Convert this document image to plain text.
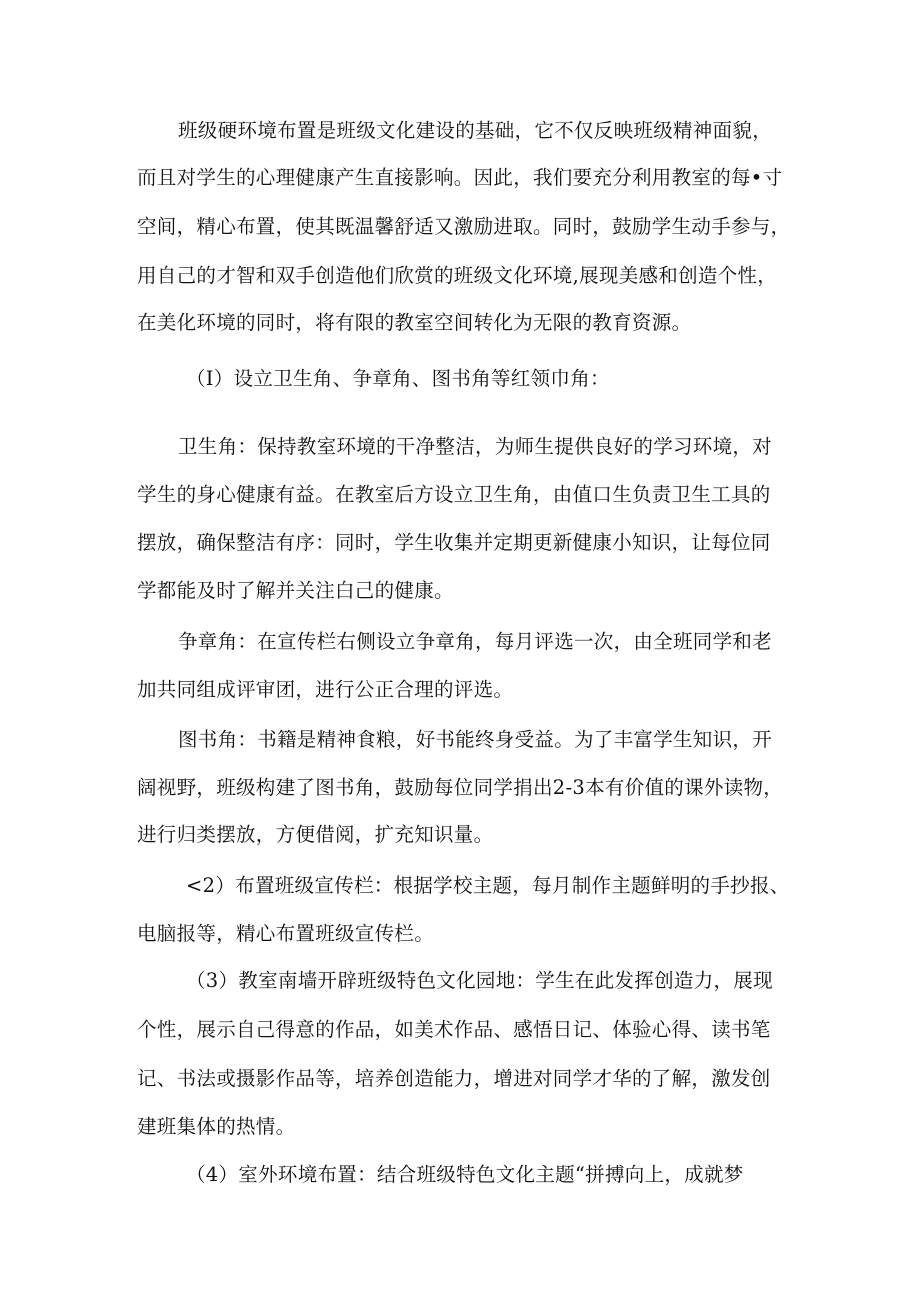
班级硬环境布置是班级文化建设的基础，它不仅反映班级精神面貌，
而且对学生的心理健康产生直接影响。因此，我们要充分利用教室的每•寸
空间，精心布置，使其既温馨舒适又激励进取。同时，鼓励学生动手参与，
用自己的才智和双手创造他们欣赏的班级文化环境,展现美感和创造个性，
在美化环境的同时，将有限的教室空间转化为无限的教育资源。
（I）设立卫生角、争章角、图书角等红领巾角：
卫生角：保持教室环境的干净整洁，为师生提供良好的学习环境，对
学生的身心健康有益。在教室后方设立卫生角，由值口生负责卫生工具的
摆放，确保整洁有序：同时，学生收集并定期更新健康小知识，让每位同
学都能及时了解并关注白己的健康。
争章角：在宣传栏右侧设立争章角，每月评选一次，由全班同学和老
加共同组成评审团，进行公正合理的评选。
图书角：书籍是精神食粮，好书能终身受益。为了丰富学生知识，开
阔视野，班级构建了图书角，鼓励每位同学捐出2-3本有价值的课外读物，
进行归类摆放，方便借阅，扩充知识量。
<2）布置班级宣传栏：根据学校主题，每月制作主题鲜明的手抄报、
电脑报等，精心布置班级宣传栏。
（3）教室南墙开辟班级特色文化园地：学生在此发挥创造力，展现
个性，展示自己得意的作品，如美术作品、感悟日记、体验心得、读书笔
记、书法或摄影作品等，培养创造能力，增进对同学才华的了解，激发创
建班集体的热情。
（4）室外环境布置：结合班级特色文化主题“拼搏向上，成就梦
